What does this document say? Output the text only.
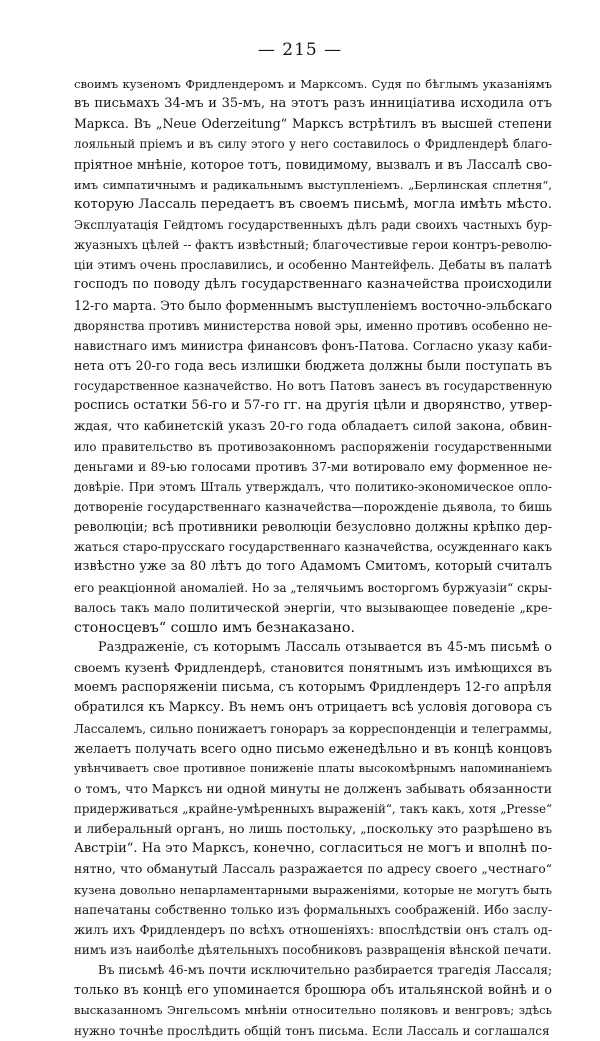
— 215 —
своимъ кузеномъ Фридлендеромъ и Марксомъ. Судя по бѣглымъ указаніямъ
въ письмахъ 34-мъ и 35-мъ, на этотъ разъ инниціатива исходила отъ
Маркса. Въ „Neue Oderzeitung“ Марксъ встрѣтилъ въ высшей степени
лояльный пріемъ и въ силу этого у него составилось о Фридлендерѣ благо-
пріятное мнѣніе, которое тотъ, повидимому, вызвалъ и въ Лассалѣ сво-
имъ симпатичнымъ и радикальнымъ выступленіемъ. „Берлинская сплетня“,
которую Лассаль передаетъ въ своемъ письмѣ, могла имѣть мѣсто.
Эксплуатація Гейдтомъ государственныхъ дѣлъ ради своихъ частныхъ бур-
жуазныхъ цѣлей -- фактъ извѣстный; благочестивые герои контръ-револю-
ціи этимъ очень прославились, и особенно Мантейфель. Дебаты въ палатѣ
господъ по поводу дѣлъ государственнаго казначейства происходили
12-го марта. Это было форменнымъ выступленіемъ восточно-эльбскаго
дворянства противъ министерства новой эры, именно противъ особенно не-
навистнаго имъ министра финансовъ фонъ-Патова. Согласно указу каби-
нета отъ 20-го года весь излишки бюджета должны были поступать въ
государственное казначейство. Но вотъ Патовъ занесъ въ государственную
роспись остатки 56-го и 57-го гг. на другія цѣли и дворянство, утвер-
ждая, что кабинетскій указъ 20-го года обладаетъ силой закона, обвин-
ило правительство въ противозаконномъ распоряженіи государственными
деньгами и 89-ью голосами противъ 37-ми вотировало ему форменное не-
довѣріе. При этомъ Шталь утверждалъ, что политико-экономическое оплo-
дотвореніе государственнаго казначейства—порожденіе дьявола, то бишь
революціи; всѣ противники революціи безусловно должны крѣпко дер-
жаться старо-прусскаго государственнаго казначейства, осужденнаго какъ
извѣстно уже за 80 лѣтъ до того Адамомъ Смитомъ, который считалъ
его реакціонной аномаліей. Но за „телячьимъ восторгомъ буржуазіи“ скры-
валось такъ мало политической энергіи, что вызывающее поведеніе „кре-
стоносцевъ“ сошло имъ безнаказано.
Раздраженіе, съ которымъ Лассаль отзывается въ 45-мъ письмѣ о
своемъ кузенѣ Фридлендерѣ, становится понятнымъ изъ имѣющихся въ
моемъ распоряженіи письма, съ которымъ Фридлендеръ 12-го апрѣля
обратился къ Марксу. Въ немъ онъ отрицаетъ всѣ условія договора съ
Лассалемъ, сильно понижаетъ гонораръ за корреспонденціи и телеграммы,
желаетъ получать всего одно письмо еженедѣльно и въ концѣ концовъ
увѣнчиваетъ свое противное пониженіе платы высокомѣрнымъ напоминаніемъ
о томъ, что Марксъ ни одной минуты не долженъ забывать обязанности
придерживаться „крайне-умѣренныхъ выраженій“, такъ какъ, хотя „Presse“
и либеральный органъ, но лишь постольку, „поскольку это разрѣшено въ
Австріи“. На это Марксъ, конечно, согласиться не могъ и вполнѣ по-
нятно, что обманутый Лассаль разражается по адресу своего „честнаго“
кузена довольно непарламентарными выраженіями, которые не могутъ быть
напечатаны собственно только изъ формальныхъ соображеній. Ибо заслу-
жилъ ихъ Фридлендеръ по всѣхъ отношеніяхъ: впослѣдствіи онъ сталъ од-
нимъ изъ наиболѣе дѣятельныхъ пособниковъ развращенія вѣнской печати.
Въ письмѣ 46-мъ почти исключительно разбирается трагедія Лассаля;
только въ концѣ его упоминается брошюра объ итальянской войнѣ и о
высказанномъ Энгельсомъ мнѣніи относительно поляковъ и венгровъ; здѣсь
нужно точнѣе прослѣдить общій тонъ письма. Если Лассаль и соглашался
